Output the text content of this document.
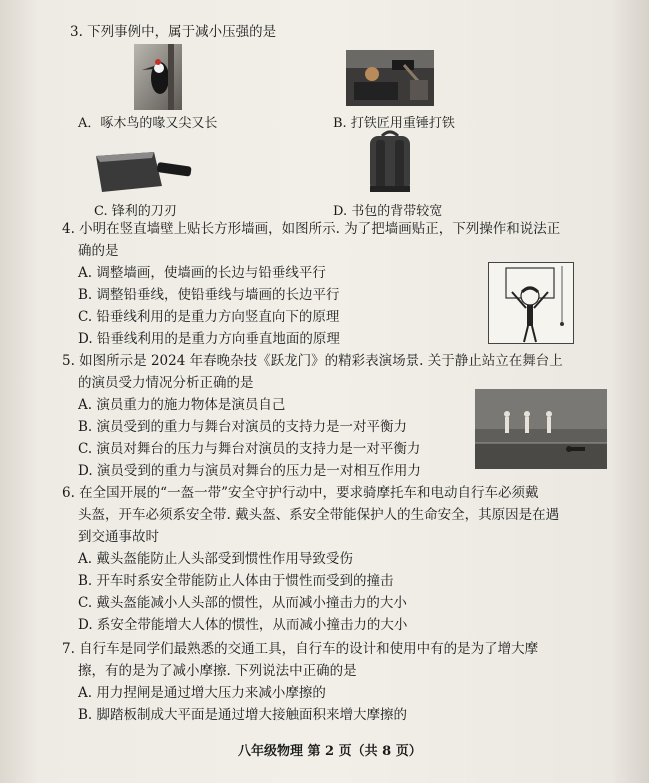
3. 下列事例中，属于减小压强的是
A．啄木鸟的喙又尖又长	B. 打铁匠用重锤打铁
C. 锋利的刀刃	D. 书包的背带较宽
4. 小明在竖直墙壁上贴长方形墙画，如图所示. 为了把墙画贴正，下列操作和说法正
确的是
A. 调整墙画，使墙画的长边与铅垂线平行
B. 调整铅垂线，使铅垂线与墙画的长边平行
C. 铅垂线利用的是重力方向竖直向下的原理
D. 铅垂线利用的是重力方向垂直地面的原理
5. 如图所示是 2024 年春晚杂技《跃龙门》的精彩表演场景. 关于静止站立在舞台上
的演员受力情况分析正确的是
A. 演员重力的施力物体是演员自己
B. 演员受到的重力与舞台对演员的支持力是一对平衡力
C. 演员对舞台的压力与舞台对演员的支持力是一对平衡力
D. 演员受到的重力与演员对舞台的压力是一对相互作用力
6. 在全国开展的“一盔一带”安全守护行动中，要求骑摩托车和电动自行车必须戴
头盔，开车必须系安全带. 戴头盔、系安全带能保护人的生命安全，其原因是在遇
到交通事故时
A. 戴头盔能防止人头部受到惯性作用导致受伤
B. 开车时系安全带能防止人体由于惯性而受到的撞击
C. 戴头盔能减小人头部的惯性，从而减小撞击力的大小
D. 系安全带能增大人体的惯性，从而减小撞击力的大小
7. 自行车是同学们最熟悉的交通工具，自行车的设计和使用中有的是为了增大摩
擦，有的是为了减小摩擦. 下列说法中正确的是
A. 用力捏闸是通过增大压力来减小摩擦的
B. 脚踏板制成大平面是通过增大接触面积来增大摩擦的
八年级物理 第 2 页（共 8 页）
